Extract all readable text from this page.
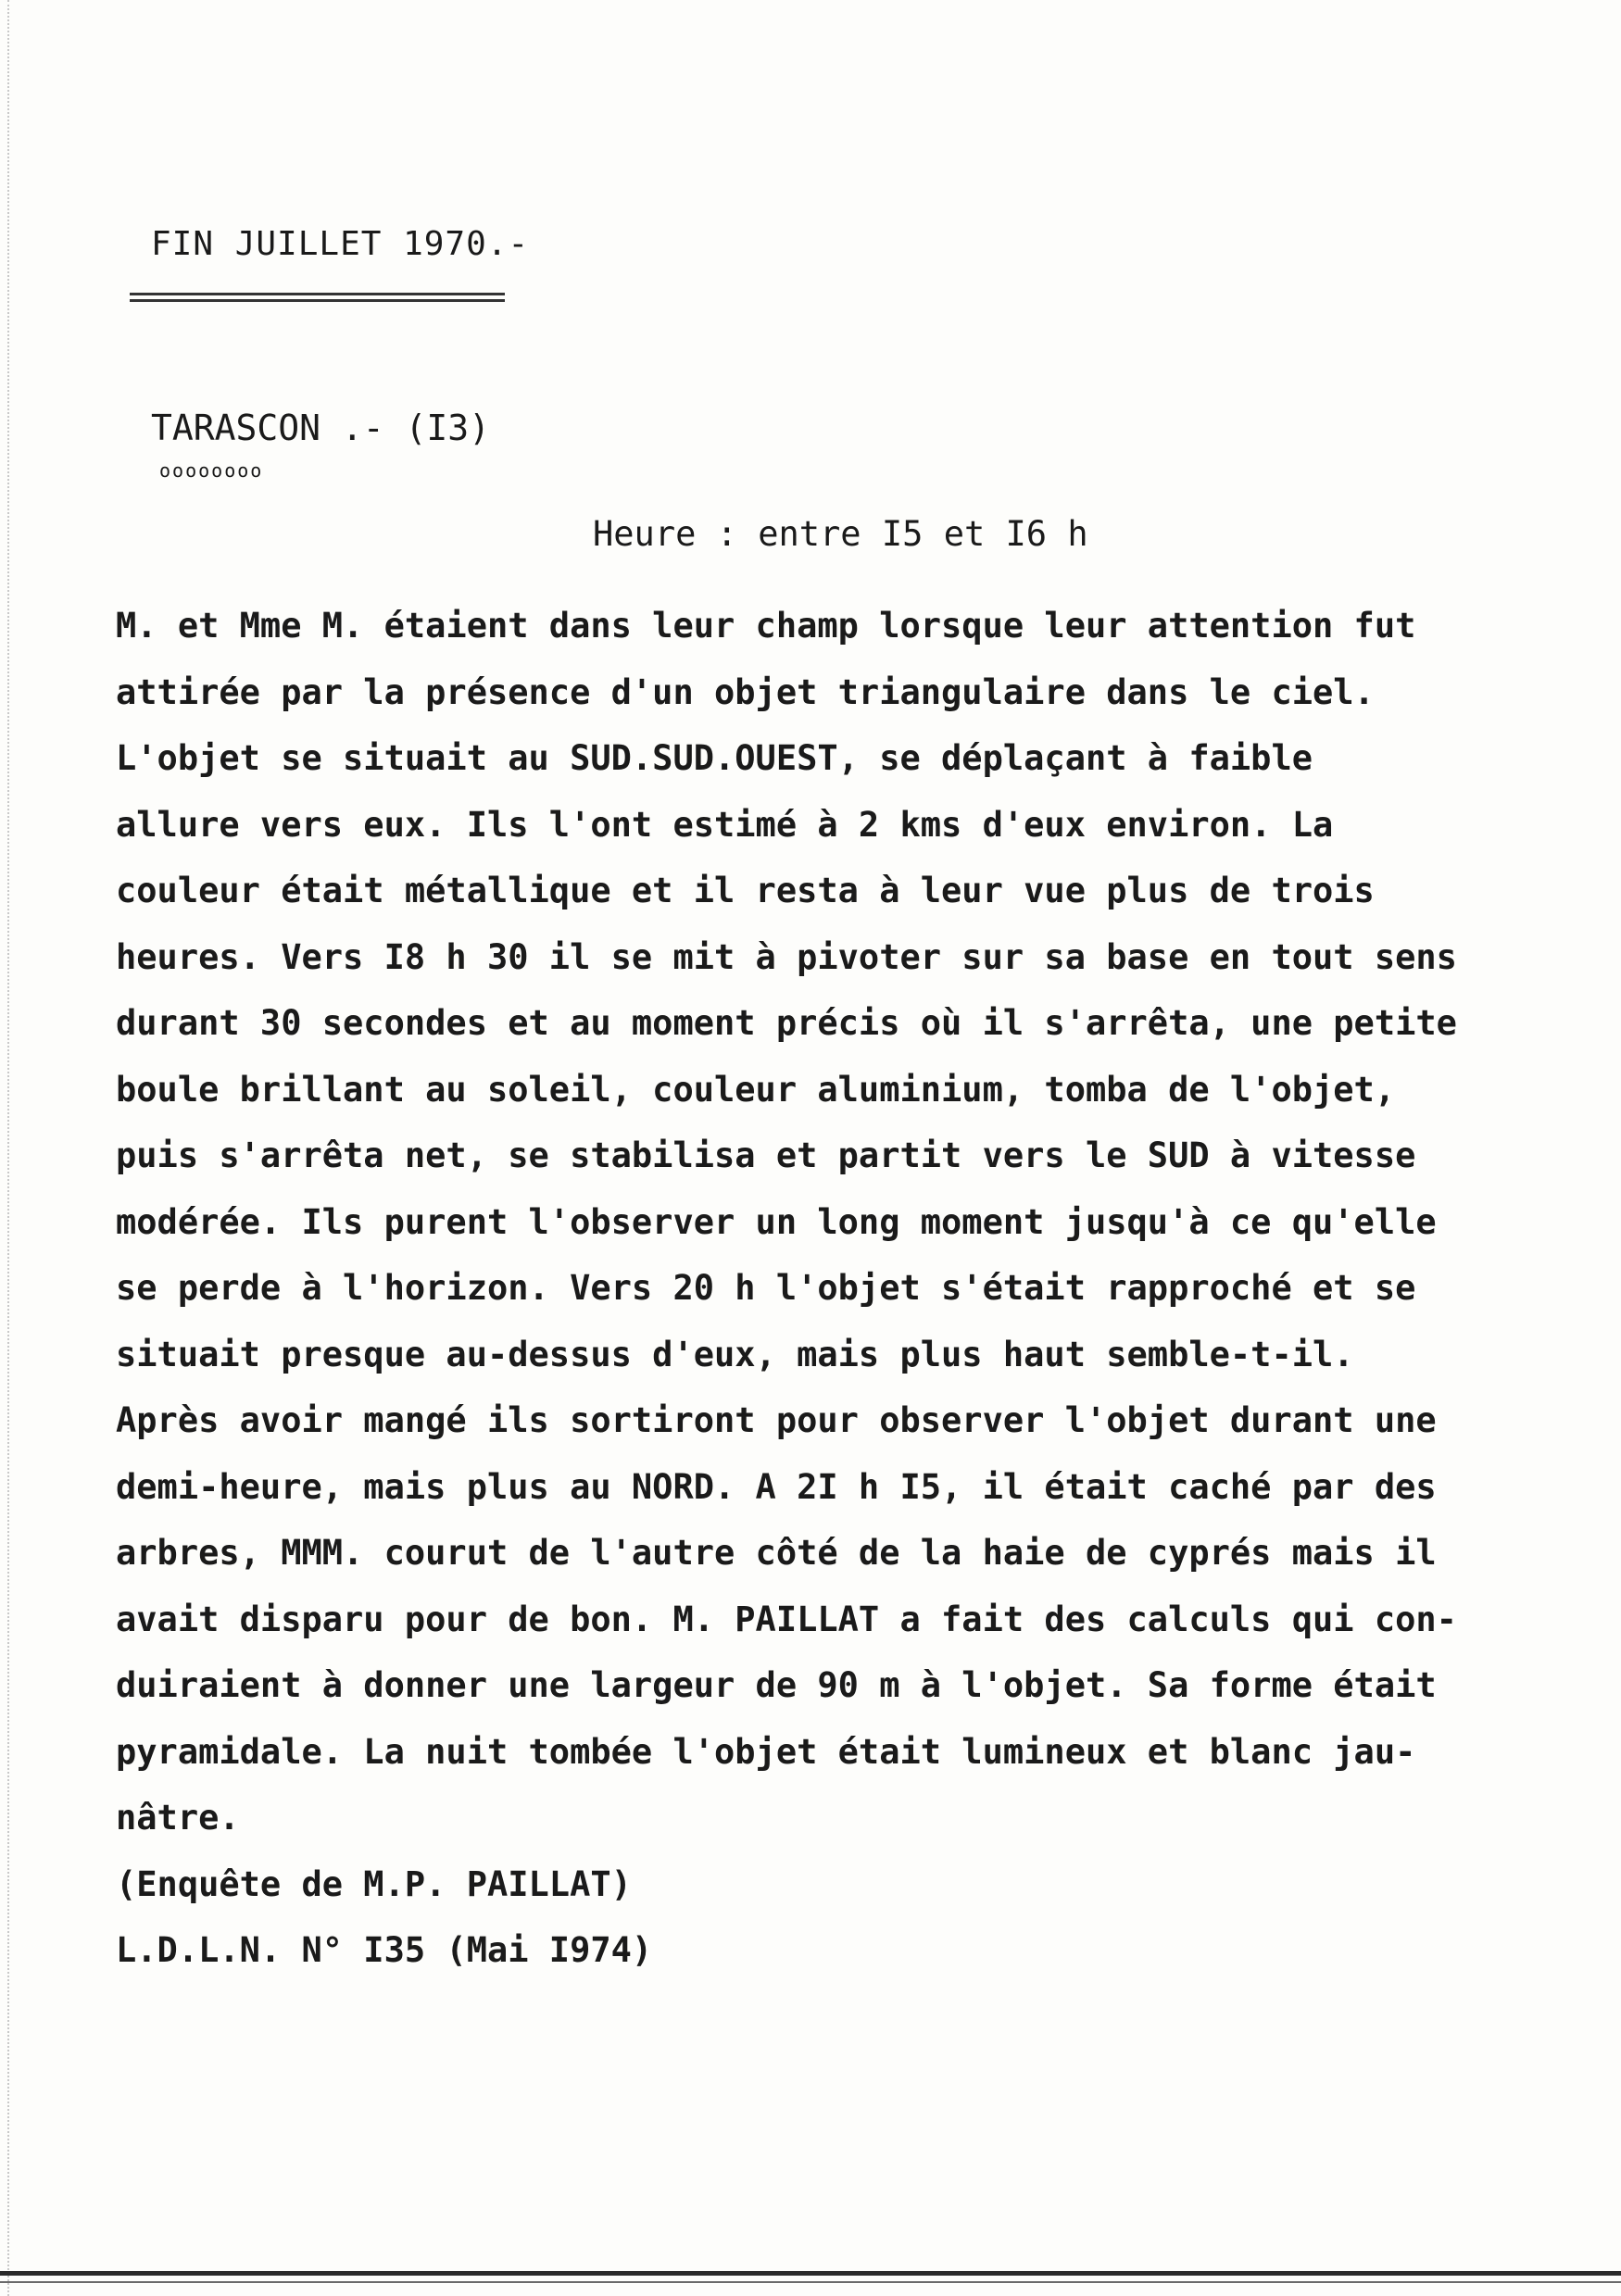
FIN JUILLET 1970.-
TARASCON .- (I3)
oooooooo
Heure : entre I5 et I6 h
M. et Mme M. étaient dans leur champ lorsque leur attention fut
attirée par la présence d'un objet triangulaire dans le ciel.
L'objet se situait au SUD.SUD.OUEST, se déplaçant à faible
allure vers eux. Ils l'ont estimé à 2 kms d'eux environ. La
couleur était métallique et il resta à leur vue plus de trois
heures. Vers I8 h 30 il se mit à pivoter sur sa base en tout sens
durant 30 secondes et au moment précis où il s'arrêta, une petite
boule brillant au soleil, couleur aluminium, tomba de l'objet,
puis s'arrêta net, se stabilisa et partit vers le SUD à vitesse
modérée. Ils purent l'observer un long moment jusqu'à ce qu'elle
se perde à l'horizon. Vers 20 h l'objet s'était rapproché et se
situait presque au-dessus d'eux, mais plus haut semble-t-il.
Après avoir mangé ils sortiront pour observer l'objet durant une
demi-heure, mais plus au NORD. A 2I h I5, il était caché par des
arbres, MMM. courut de l'autre côté de la haie de cyprés mais il
avait disparu pour de bon. M. PAILLAT a fait des calculs qui con-
duiraient à donner une largeur de 90 m à l'objet. Sa forme était
pyramidale. La nuit tombée l'objet était lumineux et blanc jau-
nâtre.
(Enquête de M.P. PAILLAT)
L.D.L.N. N° I35 (Mai I974)
